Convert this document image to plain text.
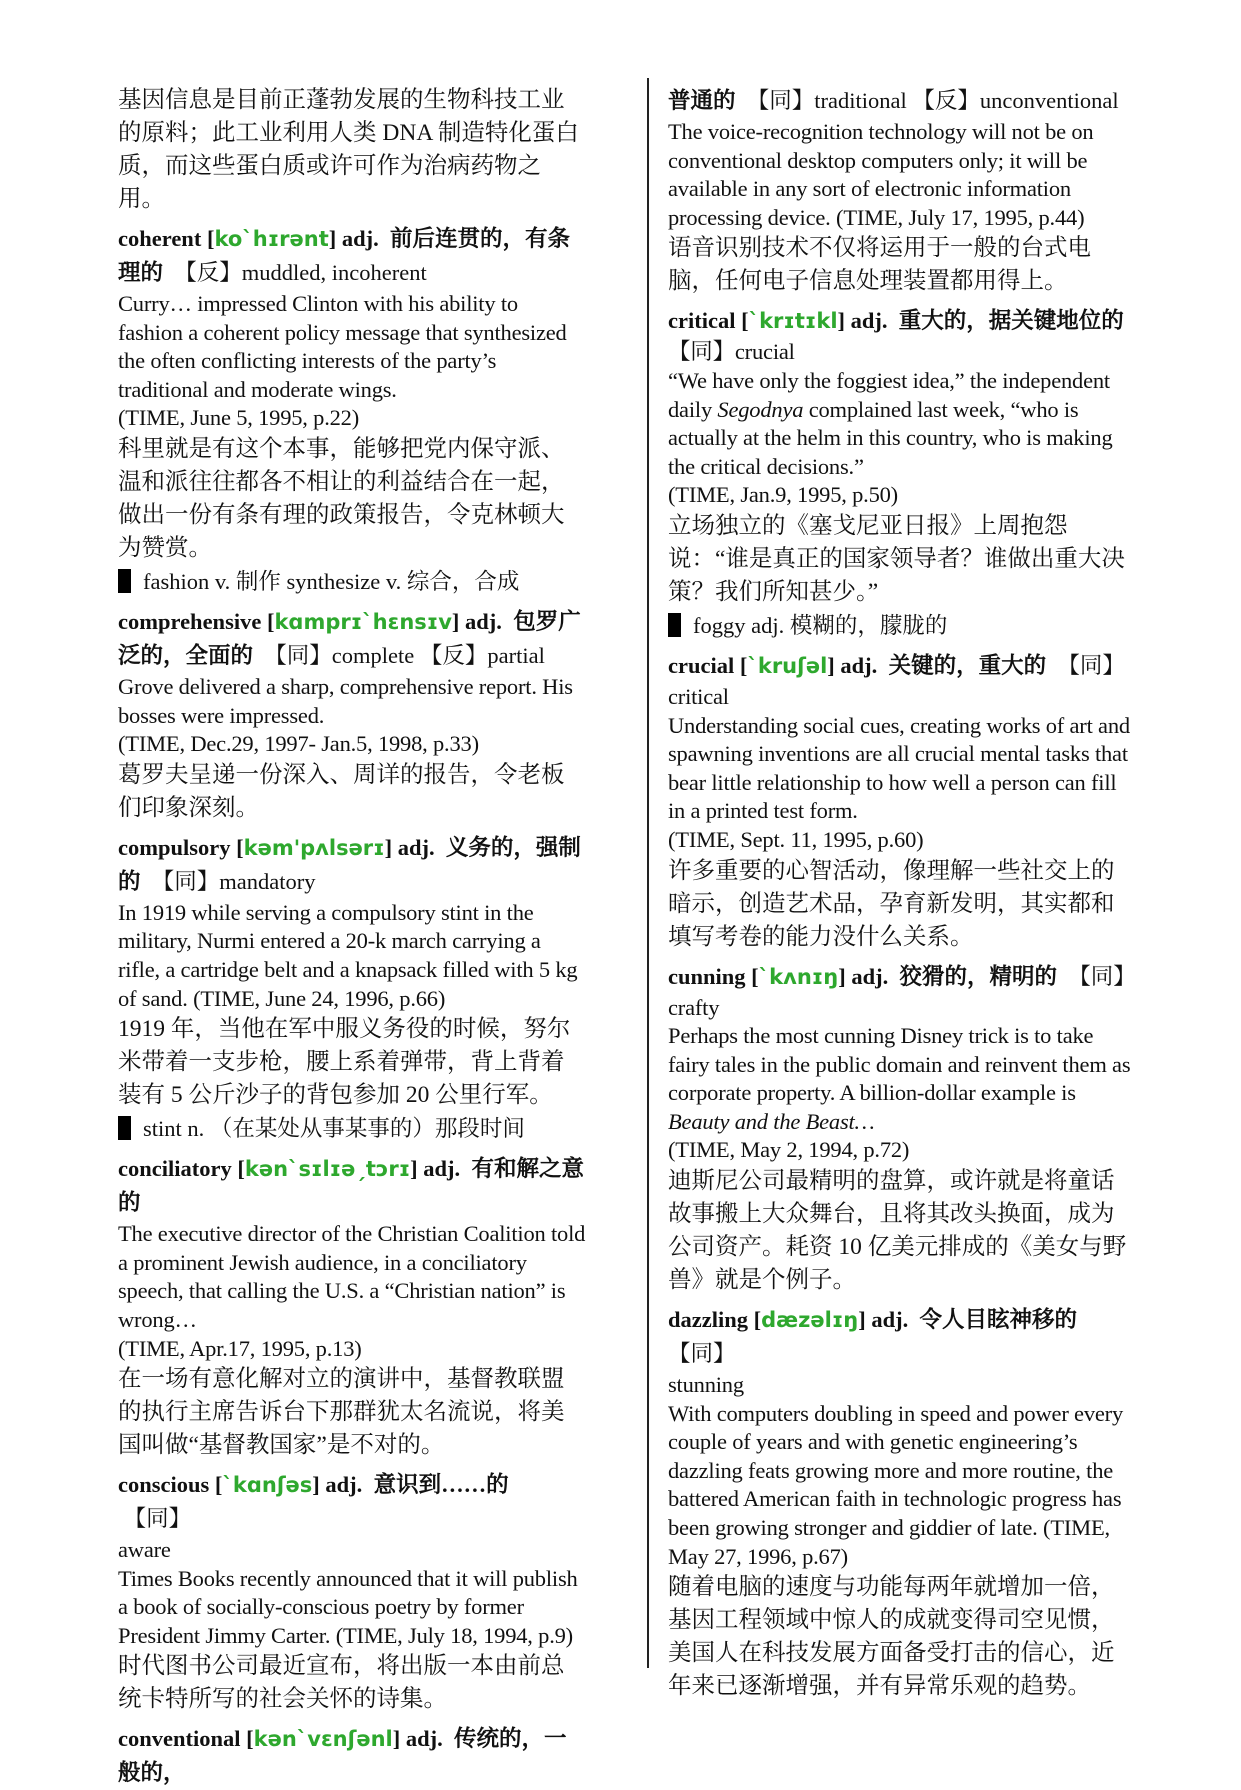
基因信息是目前正蓬勃发展的生物科技工业的原料；此工业利用人类 DNA 制造特化蛋白质，而这些蛋白质或许可作为治病药物之用。

coherent [ko`hɪrənt] adj. 前后连贯的，有条理的 【反】muddled, incoherent

Curry… impressed Clinton with his ability to fashion a coherent policy message that synthesized the often conflicting interests of the party’s traditional and moderate wings.

(TIME, June 5, 1995, p.22)

科里就是有这个本事，能够把党内保守派、温和派往往都各不相让的利益结合在一起，做出一份有条有理的政策报告，令克林顿大为赞赏。

fashion v. 制作 synthesize v. 综合，合成

comprehensive [kɑmprɪ`hɛnsɪv] adj. 包罗广泛的，全面的 【同】complete 【反】partial

Grove delivered a sharp, comprehensive report. His bosses were impressed.

(TIME, Dec.29, 1997- Jan.5, 1998, p.33)

葛罗夫呈递一份深入、周详的报告，令老板们印象深刻。

compulsory [kəm'pʌlsərɪ] adj. 义务的，强制的 【同】mandatory

In 1919 while serving a compulsory stint in the military, Nurmi entered a 20-k march carrying a rifle, a cartridge belt and a knapsack filled with 5 kg of sand. (TIME, June 24, 1996, p.66)

1919 年，当他在军中服义务役的时候，努尔米带着一支步枪，腰上系着弹带，背上背着装有 5 公斤沙子的背包参加 20 公里行军。

stint n. （在某处从事某事的）那段时间

conciliatory [kən`sɪlɪəˏtɔrɪ] adj. 有和解之意的

The executive director of the Christian Coalition told a prominent Jewish audience, in a conciliatory speech, that calling the U.S. a “Christian nation” is wrong…

(TIME, Apr.17, 1995, p.13)

在一场有意化解对立的演讲中，基督教联盟的执行主席告诉台下那群犹太名流说，将美国叫做“基督教国家”是不对的。

conscious [`kɑnʃəs] adj. 意识到……的  【同】

aware

Times Books recently announced that it will publish a book of socially-conscious poetry by former President Jimmy Carter. (TIME, July 18, 1994, p.9)

时代图书公司最近宣布，将出版一本由前总统卡特所写的社会关怀的诗集。

conventional [kən`vɛnʃənl] adj. 传统的，一般的，

普通的 【同】traditional 【反】unconventional

The voice-recognition technology will not be on conventional desktop computers only; it will be available in any sort of electronic information processing device. (TIME, July 17, 1995, p.44)

语音识别技术不仅将运用于一般的台式电脑，任何电子信息处理装置都用得上。

critical [`krɪtɪkl] adj. 重大的，据关键地位的

【同】crucial

“We have only the foggiest idea,” the independent daily Segodnya complained last week, “who is actually at the helm in this country, who is making the critical decisions.”

(TIME, Jan.9, 1995, p.50)

立场独立的《塞戈尼亚日报》上周抱怨说：“谁是真正的国家领导者？谁做出重大决策？我们所知甚少。”

foggy adj. 模糊的，朦胧的

crucial [`kruʃəl] adj. 关键的，重大的 【同】

critical

Understanding social cues, creating works of art and spawning inventions are all crucial mental tasks that bear little relationship to how well a person can fill in a printed test form.

(TIME, Sept. 11, 1995, p.60)

许多重要的心智活动，像理解一些社交上的暗示，创造艺术品，孕育新发明，其实都和填写考卷的能力没什么关系。

cunning [`kʌnɪŋ] adj. 狡猾的，精明的 【同】

crafty

Perhaps the most cunning Disney trick is to take fairy tales in the public domain and reinvent them as corporate property. A billion-dollar example is Beauty and the Beast…

(TIME, May 2, 1994, p.72)

迪斯尼公司最精明的盘算，或许就是将童话故事搬上大众舞台，且将其改头换面，成为公司资产。耗资 10 亿美元排成的《美女与野兽》就是个例子。

dazzling [dæzəlɪŋ] adj. 令人目眩神移的【同】

stunning

With computers doubling in speed and power every couple of years and with genetic engineering’s dazzling feats growing more and more routine, the battered American faith in technologic progress has been growing stronger and giddier of late. (TIME, May 27, 1996, p.67)

随着电脑的速度与功能每两年就增加一倍，基因工程领域中惊人的成就变得司空见惯，美国人在科技发展方面备受打击的信心，近年来已逐渐增强，并有异常乐观的趋势。
